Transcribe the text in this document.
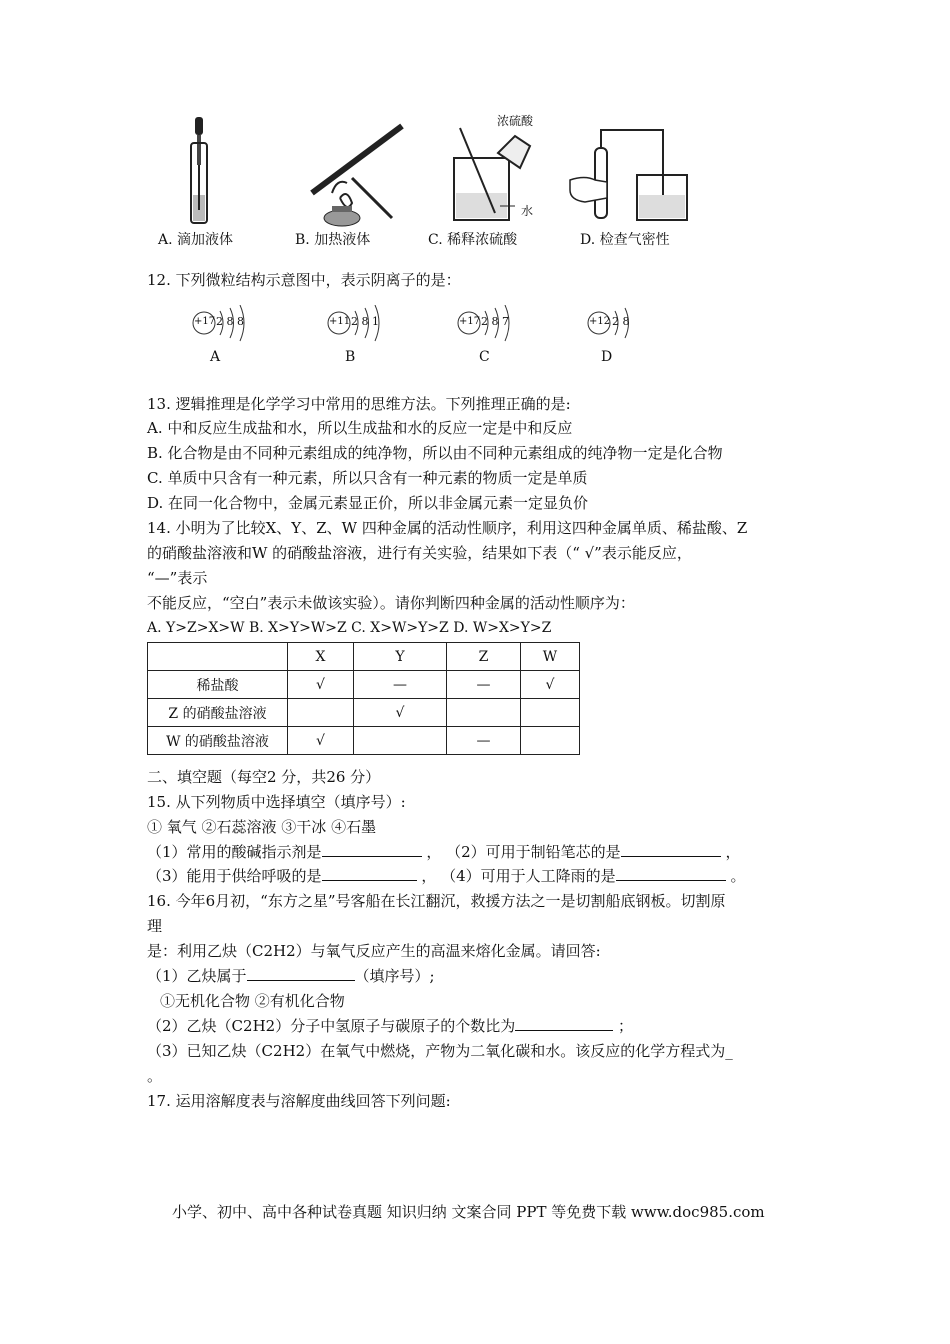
浓硫酸
水
A. 滴加液体	B. 加热液体	C. 稀释浓硫酸	D. 检查气密性
12. 下列微粒结构示意图中，表示阴离子的是：
+17 2 8 8
A
+11 2 8 1
B
+17 2 8 7
C
+12 2 8
D
13. 逻辑推理是化学学习中常用的思维方法。下列推理正确的是:
A. 中和反应生成盐和水，所以生成盐和水的反应一定是中和反应
B. 化合物是由不同种元素组成的纯净物，所以由不同种元素组成的纯净物一定是化合物
C. 单质中只含有一种元素，所以只含有一种元素的物质一定是单质
D. 在同一化合物中，金属元素显正价，所以非金属元素一定显负价
14. 小明为了比较X、Y、Z、W 四种金属的活动性顺序，利用这四种金属单质、稀盐酸、Z
的硝酸盐溶液和W 的硝酸盐溶液，进行有关实验，结果如下表（“ √”表示能反应，
“—”表示
不能反应，“空白”表示未做该实验）。请你判断四种金属的活动性顺序为：
A. Y>Z>X>W B. X>Y>W>Z C. X>W>Y>Z D. W>X>Y>Z
	X	Y	Z	W
稀盐酸	√	—	—	√
Z 的硝酸盐溶液		√		
W 的硝酸盐溶液	√		—	
二、填空题（每空2 分，共26 分）
15. 从下列物质中选择填空（填序号）:
① 氧气 ②石蕊溶液 ③干冰 ④石墨
（1）常用的酸碱指示剂是	， （2）可用于制铅笔芯的是	，
（3）能用于供给呼吸的是	， （4）可用于人工降雨的是	。
16. 今年6月初，“东方之星”号客船在长江翻沉，救援方法之一是切割船底钢板。切割原
理
是：利用乙炔（C2H2）与氧气反应产生的高温来熔化金属。请回答:
（1）乙炔属于	（填序号）;
①无机化合物 ②有机化合物
（2）乙炔（C2H2）分子中氢原子与碳原子的个数比为	；
（3）已知乙炔（C2H2）在氧气中燃烧，产物为二氧化碳和水。该反应的化学方程式为_
。
17. 运用溶解度表与溶解度曲线回答下列问题:
小学、初中、高中各种试卷真题 知识归纳 文案合同 PPT 等免费下载 www.doc985.com
